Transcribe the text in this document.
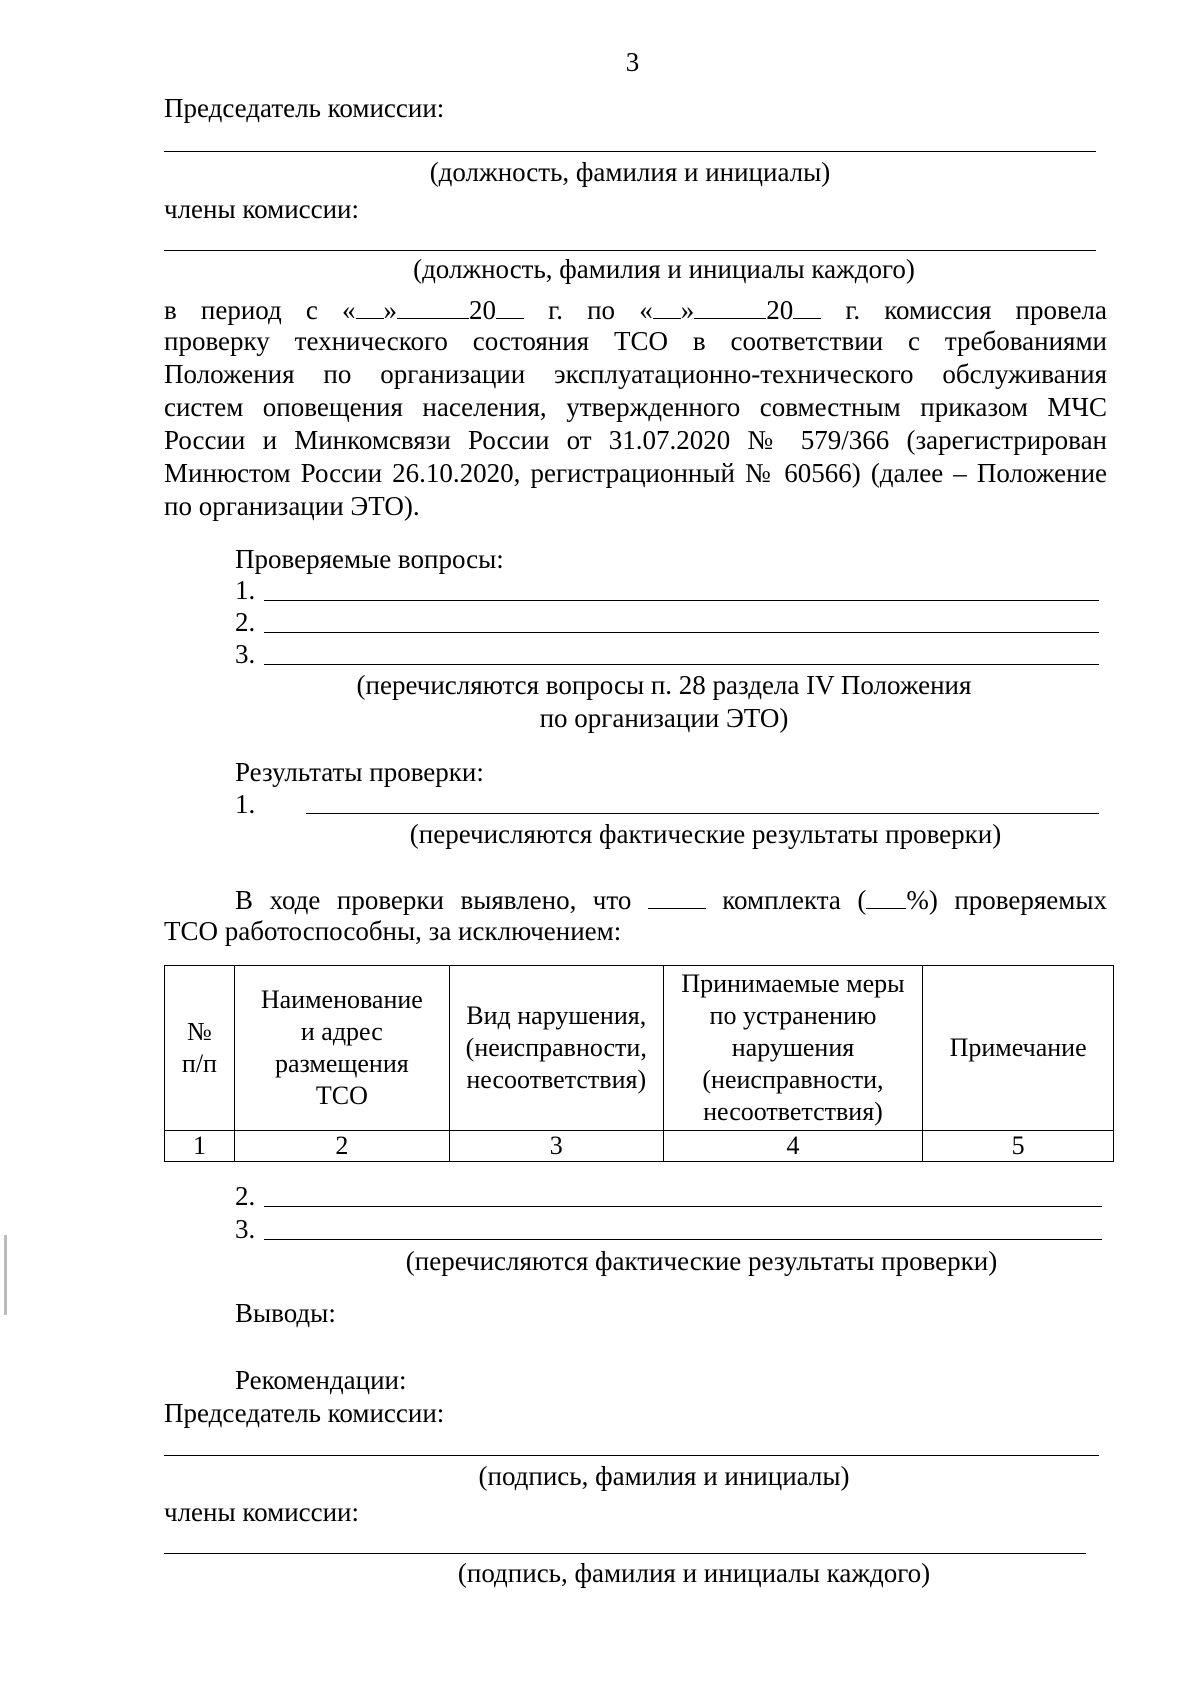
3
Председатель комиссии:
(должность, фамилия и инициалы)
члены комиссии:
(должность, фамилия и инициалы каждого)
в период с « »	20 г. по « »	20 г. комиссия провела
проверку технического состояния ТСО в соответствии с требованиями
Положения по организации эксплуатационно-технического обслуживания
систем оповещения населения, утвержденного совместным приказом МЧС
России и Минкомсвязи России от 31.07.2020 № 579/366 (зарегистрирован
Минюстом России 26.10.2020, регистрационный № 60566) (далее – Положение
по организации ЭТО).
Проверяемые вопросы:
1.
2.
3.
(перечисляются вопросы п. 28 раздела IV Положения
по организации ЭТО)
Результаты проверки:
1.
(перечисляются фактические результаты проверки)
В ходе проверки выявлено, что	комплекта ( %) проверяемых
ТСО работоспособны, за исключением:
№ п/п	Наименование и адрес размещения ТСО	Вид нарушения, (неисправности, несоответствия)	Принимаемые меры по устранению нарушения (неисправности, несоответствия)	Примечание
1	2	3	4	5
2.
3.
(перечисляются фактические результаты проверки)
Выводы:
Рекомендации:
Председатель комиссии:
(подпись, фамилия и инициалы)
члены комиссии:
(подпись, фамилия и инициалы каждого)
